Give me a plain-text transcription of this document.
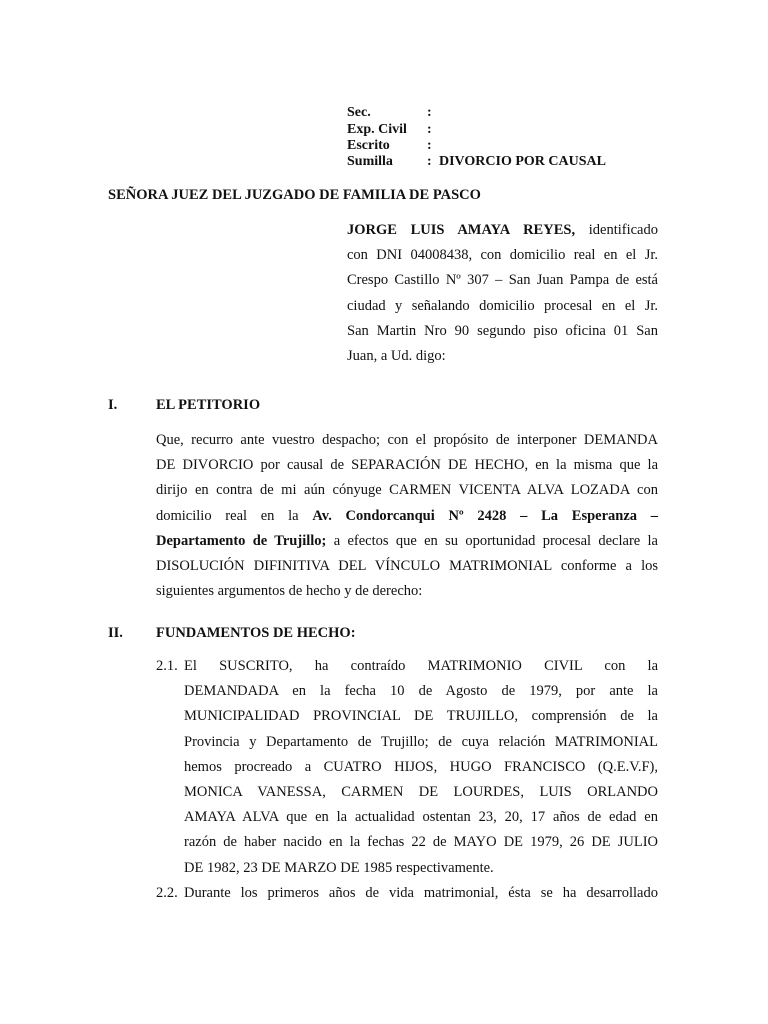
Sec.	:
Exp. Civil :
Escrito	:
Sumilla : DIVORCIO POR CAUSAL
SEÑORA JUEZ DEL JUZGADO DE FAMILIA DE PASCO
JORGE LUIS AMAYA REYES, identificado
con DNI 04008438, con domicilio real en el Jr.
Crespo Castillo Nº 307 – San Juan Pampa de está
ciudad y señalando domicilio procesal en el Jr.
San Martin Nro 90 segundo piso oficina 01 San
Juan, a Ud. digo:
I.	EL PETITORIO
Que, recurro ante vuestro despacho; con el propósito de interponer DEMANDA
DE DIVORCIO por causal de SEPARACIÓN DE HECHO, en la misma que la
dirijo en contra de mi aún cónyuge CARMEN VICENTA ALVA LOZADA con
domicilio real en la Av. Condorcanqui Nº 2428 – La Esperanza –
Departamento de Trujillo; a efectos que en su oportunidad procesal declare la
DISOLUCIÓN DIFINITIVA DEL VÍNCULO MATRIMONIAL conforme a los
siguientes argumentos de hecho y de derecho:
II. FUNDAMENTOS DE HECHO:
2.1. El SUSCRITO, ha contraído MATRIMONIO CIVIL con la
DEMANDADA en la fecha 10 de Agosto de 1979, por ante la
MUNICIPALIDAD PROVINCIAL DE TRUJILLO, comprensión de la
Provincia y Departamento de Trujillo; de cuya relación MATRIMONIAL
hemos procreado a CUATRO HIJOS, HUGO FRANCISCO (Q.E.V.F),
MONICA VANESSA, CARMEN DE LOURDES, LUIS ORLANDO
AMAYA ALVA que en la actualidad ostentan 23, 20, 17 años de edad en
razón de haber nacido en la fechas 22 de MAYO DE 1979, 26 DE JULIO
DE 1982, 23 DE MARZO DE 1985 respectivamente.
2.2. Durante los primeros años de vida matrimonial, ésta se ha desarrollado
